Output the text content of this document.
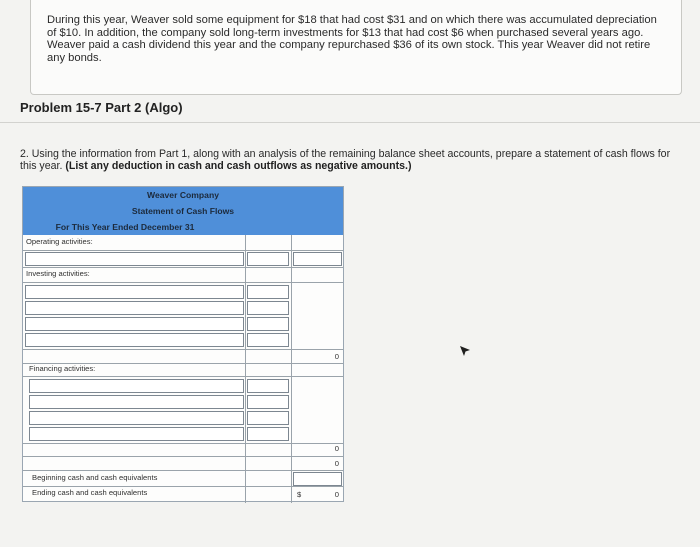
During this year, Weaver sold some equipment for $18 that had cost $31 and on which there was accumulated depreciation of $10. In addition, the company sold long-term investments for $13 that had cost $6 when purchased several years ago. Weaver paid a cash dividend this year and the company repurchased $36 of its own stock. This year Weaver did not retire any bonds.

Problem 15-7 Part 2 (Algo)

2. Using the information from Part 1, along with an analysis of the remaining balance sheet accounts, prepare a statement of cash flows for this year. (List any deduction in cash and cash outflows as negative amounts.)

Weaver Company
Statement of Cash Flows
For This Year Ended December 31
Operating activities:
Investing activities:
0
Financing activities:
0
0
Beginning cash and cash equivalents
Ending cash and cash equivalents	$	0
